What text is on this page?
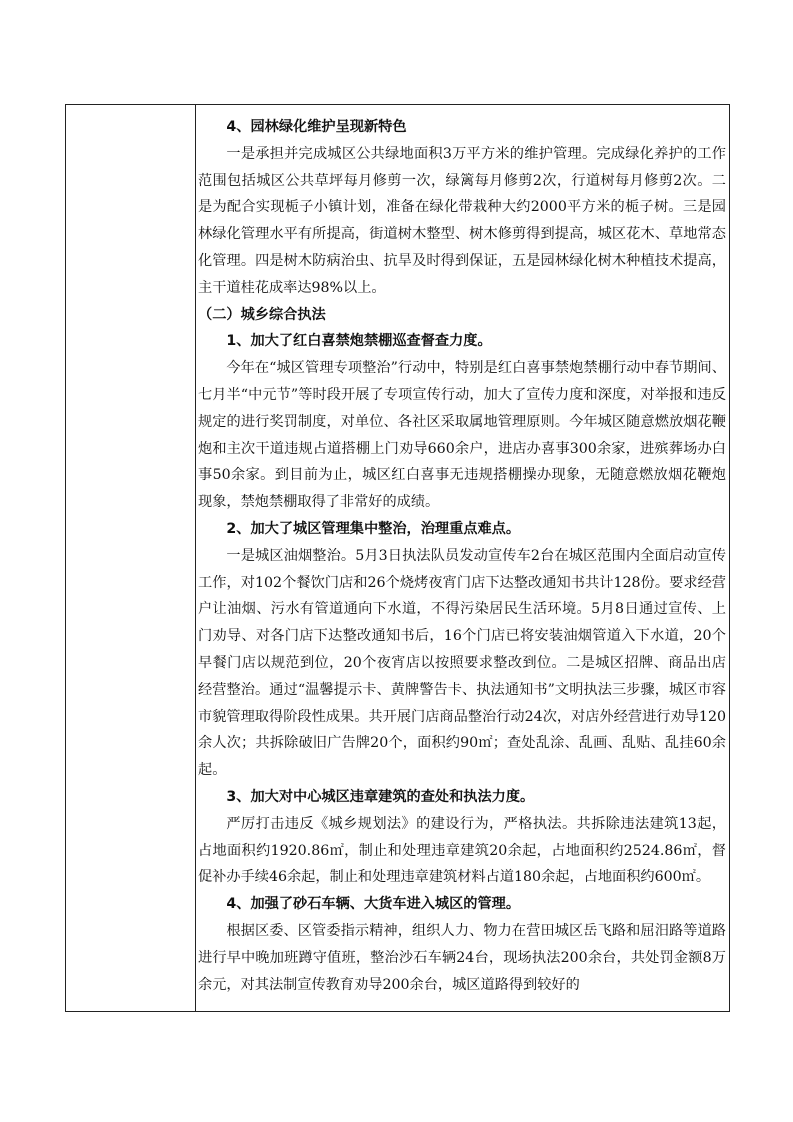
4、园林绿化维护呈现新特色

一是承担并完成城区公共绿地面积3万平方米的维护管理。完成绿化养护的工作范围包括城区公共草坪每月修剪一次，绿篱每月修剪2次，行道树每月修剪2次。二是为配合实现栀子小镇计划，准备在绿化带栽种大约2000平方米的栀子树。三是园林绿化管理水平有所提高，街道树木整型、树木修剪得到提高，城区花木、草地常态化管理。四是树木防病治虫、抗旱及时得到保证，五是园林绿化树木种植技术提高，主干道桂花成率达98%以上。

（二）城乡综合执法

1、加大了红白喜禁炮禁棚巡查督查力度。

今年在“城区管理专项整治”行动中，特别是红白喜事禁炮禁棚行动中春节期间、七月半“中元节”等时段开展了专项宣传行动，加大了宣传力度和深度，对举报和违反规定的进行奖罚制度，对单位、各社区采取属地管理原则。今年城区随意燃放烟花鞭炮和主次干道违规占道搭棚上门劝导660余户，进店办喜事300余家，进殡葬场办白事50余家。到目前为止，城区红白喜事无违规搭棚操办现象，无随意燃放烟花鞭炮现象，禁炮禁棚取得了非常好的成绩。

2、加大了城区管理集中整治，治理重点难点。

一是城区油烟整治。5月3日执法队员发动宣传车2台在城区范围内全面启动宣传工作，对102个餐饮门店和26个烧烤夜宵门店下达整改通知书共计128份。要求经营户让油烟、污水有管道通向下水道，不得污染居民生活环境。5月8日通过宣传、上门劝导、对各门店下达整改通知书后，16个门店已将安装油烟管道入下水道，20个早餐门店以规范到位，20个夜宵店以按照要求整改到位。二是城区招牌、商品出店经营整治。通过“温馨提示卡、黄牌警告卡、执法通知书”文明执法三步骤，城区市容市貌管理取得阶段性成果。共开展门店商品整治行动24次，对店外经营进行劝导120余人次；共拆除破旧广告牌20个，面积约90㎡；查处乱涂、乱画、乱贴、乱挂60余起。

3、加大对中心城区违章建筑的查处和执法力度。

严厉打击违反《城乡规划法》的建设行为，严格执法。共拆除违法建筑13起，占地面积约1920.86㎡，制止和处理违章建筑20余起，占地面积约2524.86㎡，督促补办手续46余起，制止和处理违章建筑材料占道180余起，占地面积约600㎡。

4、加强了砂石车辆、大货车进入城区的管理。

根据区委、区管委指示精神，组织人力、物力在营田城区岳飞路和屈汨路等道路进行早中晚加班蹲守值班，整治沙石车辆24台，现场执法200余台，共处罚金额8万余元，对其法制宣传教育劝导200余台，城区道路得到较好的
